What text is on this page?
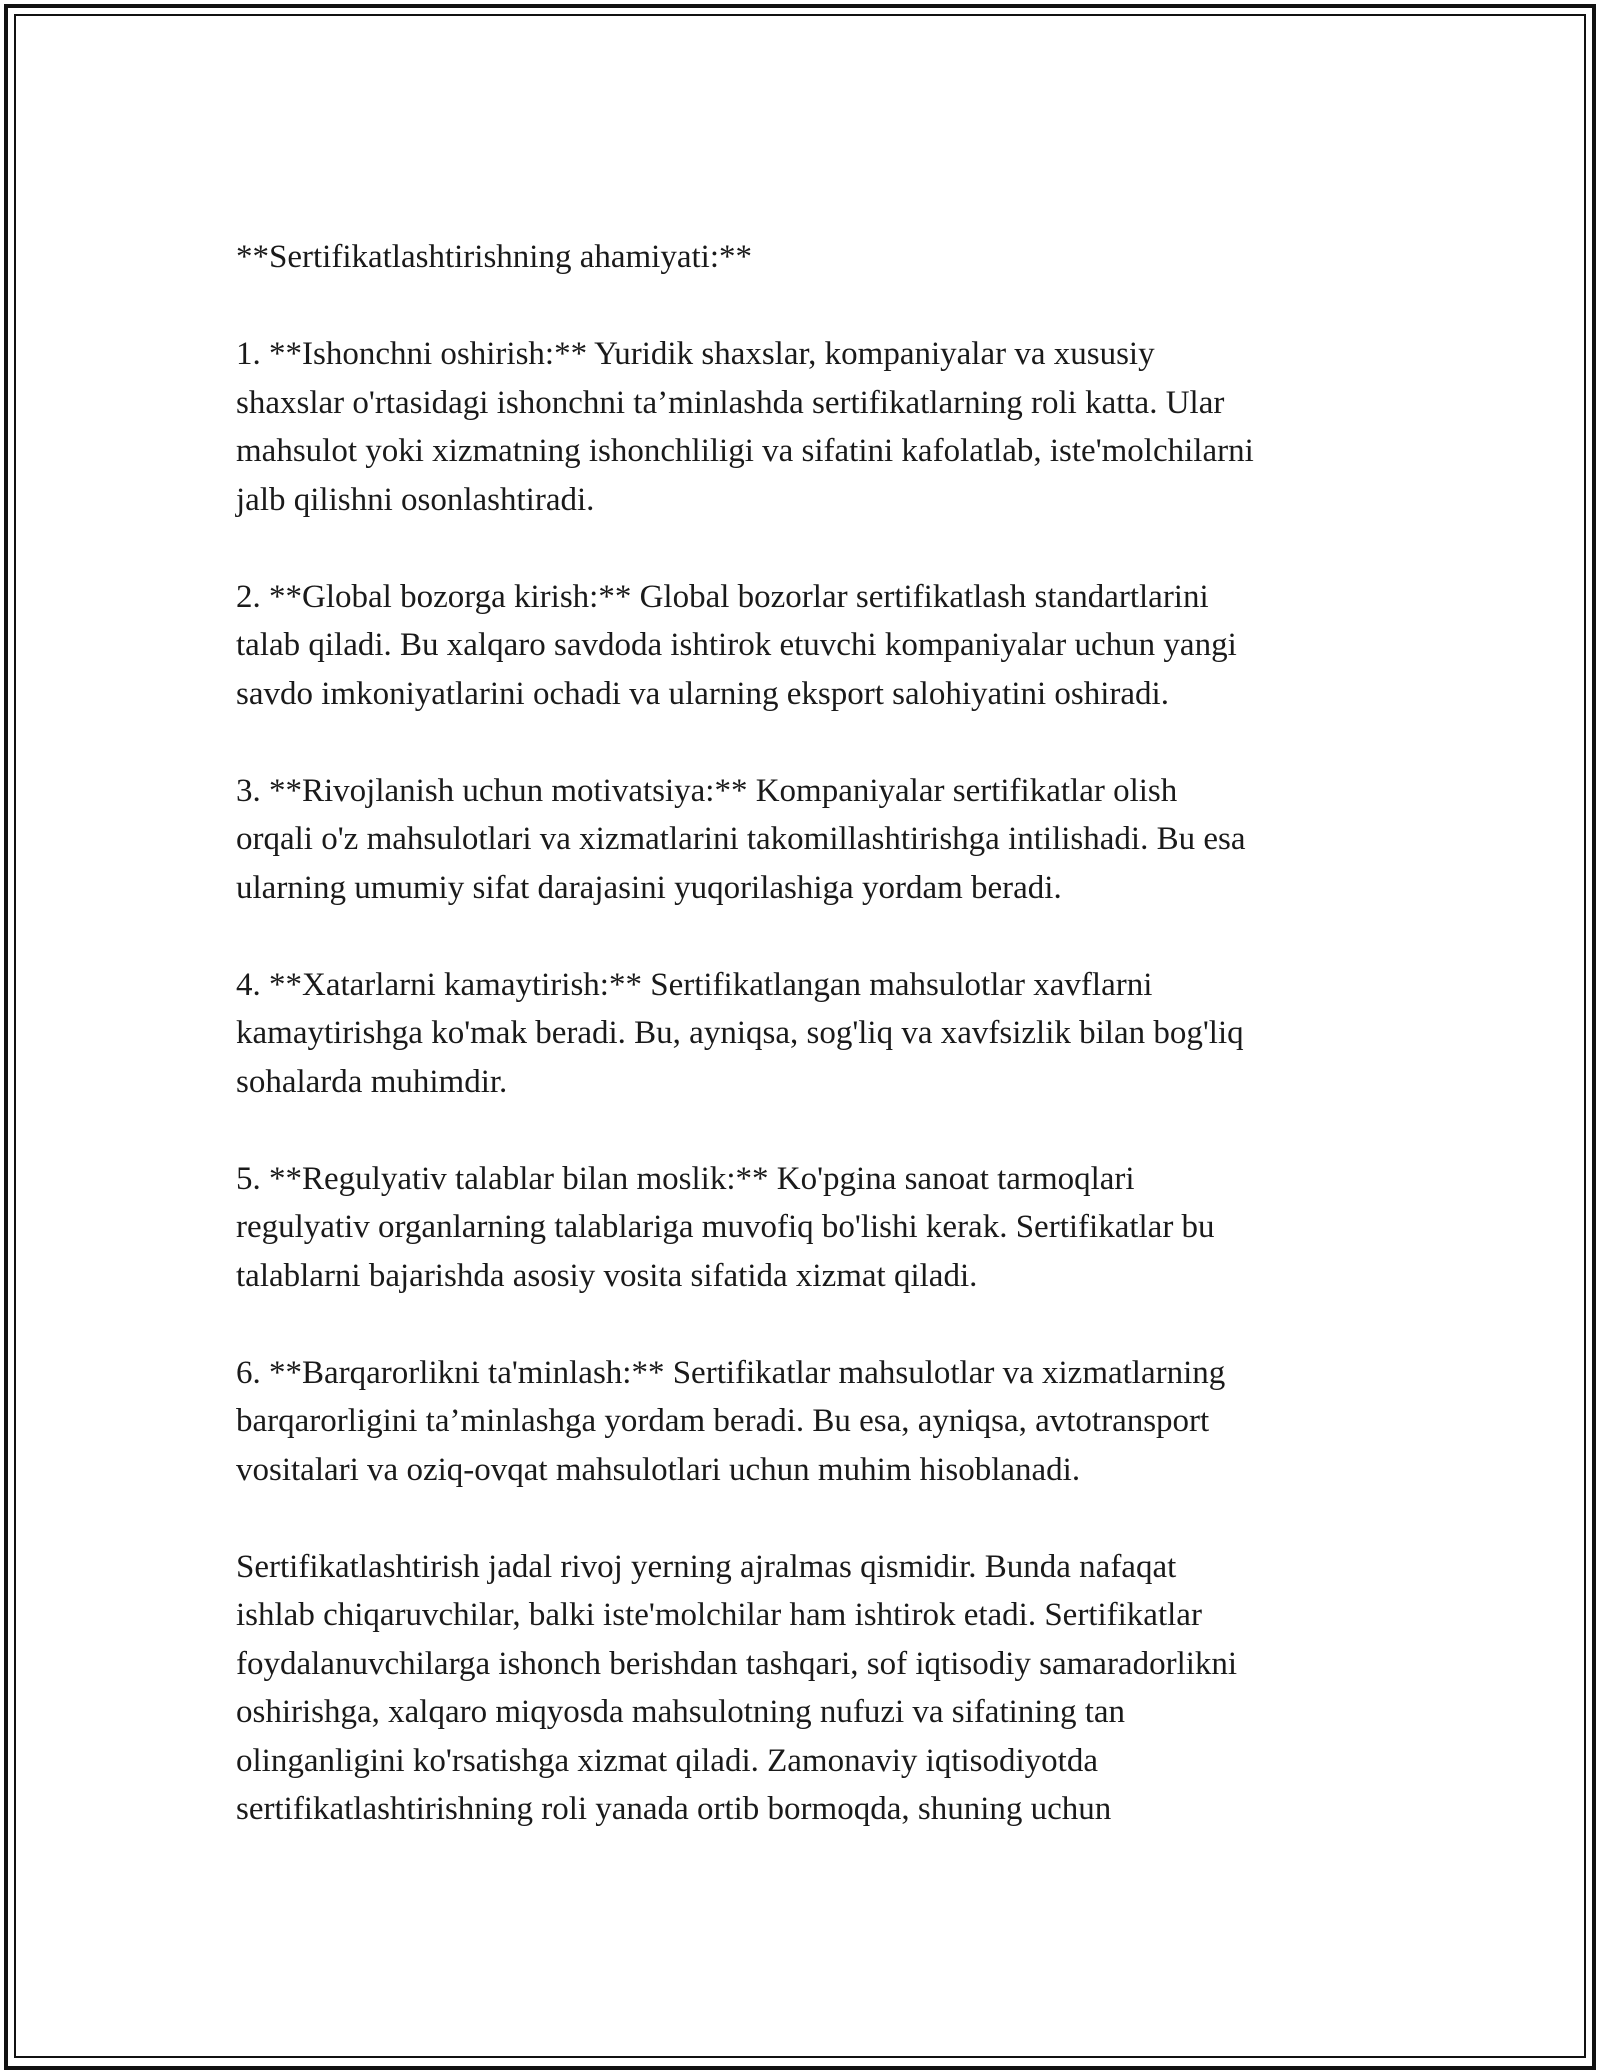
**Sertifikatlashtirishning ahamiyati:**

1. **Ishonchni oshirish:** Yuridik shaxslar, kompaniyalar va xususiy
shaxslar o'rtasidagi ishonchni ta’minlashda sertifikatlarning roli katta. Ular
mahsulot yoki xizmatning ishonchliligi va sifatini kafolatlab, iste'molchilarni
jalb qilishni osonlashtiradi.

2. **Global bozorga kirish:** Global bozorlar sertifikatlash standartlarini
talab qiladi. Bu xalqaro savdoda ishtirok etuvchi kompaniyalar uchun yangi
savdo imkoniyatlarini ochadi va ularning eksport salohiyatini oshiradi.

3. **Rivojlanish uchun motivatsiya:** Kompaniyalar sertifikatlar olish
orqali o'z mahsulotlari va xizmatlarini takomillashtirishga intilishadi. Bu esa
ularning umumiy sifat darajasini yuqorilashiga yordam beradi.

4. **Xatarlarni kamaytirish:** Sertifikatlangan mahsulotlar xavflarni
kamaytirishga ko'mak beradi. Bu, ayniqsa, sog'liq va xavfsizlik bilan bog'liq
sohalarda muhimdir.

5. **Regulyativ talablar bilan moslik:** Ko'pgina sanoat tarmoqlari
regulyativ organlarning talablariga muvofiq bo'lishi kerak. Sertifikatlar bu
talablarni bajarishda asosiy vosita sifatida xizmat qiladi.

6. **Barqarorlikni ta'minlash:** Sertifikatlar mahsulotlar va xizmatlarning
barqarorligini ta’minlashga yordam beradi. Bu esa, ayniqsa, avtotransport
vositalari va oziq-ovqat mahsulotlari uchun muhim hisoblanadi.

Sertifikatlashtirish jadal rivoj yerning ajralmas qismidir. Bunda nafaqat
ishlab chiqaruvchilar, balki iste'molchilar ham ishtirok etadi. Sertifikatlar
foydalanuvchilarga ishonch berishdan tashqari, sof iqtisodiy samaradorlikni
oshirishga, xalqaro miqyosda mahsulotning nufuzi va sifatining tan
olinganligini ko'rsatishga xizmat qiladi. Zamonaviy iqtisodiyotda
sertifikatlashtirishning roli yanada ortib bormoqda, shuning uchun
